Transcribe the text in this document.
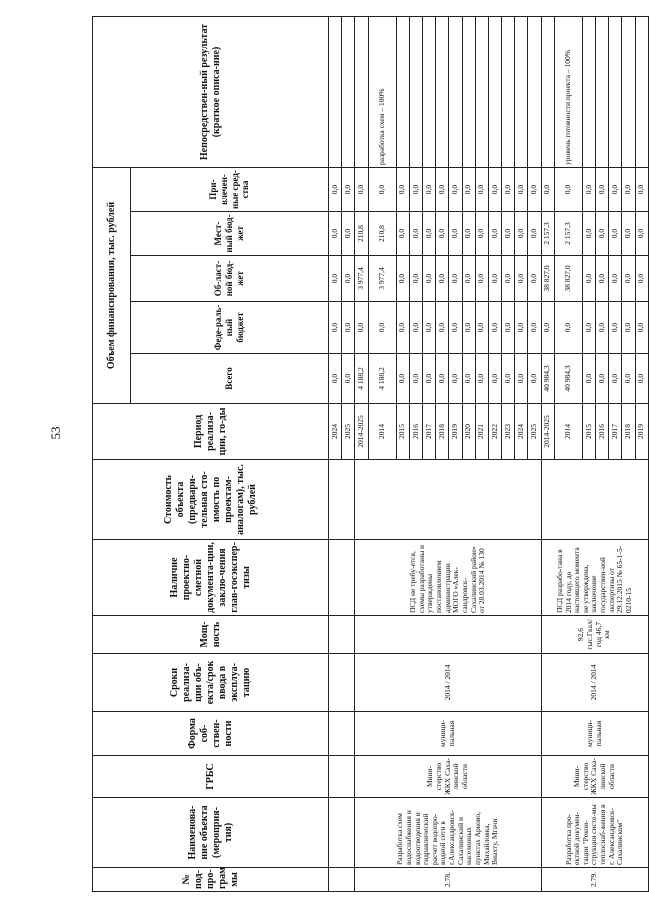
53
№ под-про-грам мы	Наименова-ние объекта (мероприя-тия)	ГРБС	Форма соб-ствен-ности	Сроки реализа-ции объ-екта/срок ввода в эксплуа-тацию	Мощ-ность	Наличие проектно-сметной документа-ции, заклю-чения глав-госэкспер-тизы	Стоимость объекта (предвари-тельная сто-имость по проектам-аналогам), тыс. рублей	Период реализа-ции, го-ды	Объем финансирования, тыс. рублей					Непосредствен-ный результат (краткое описа-ние)
									Всего	Феде-раль-ный бюджет	Об-ласт-ной бюд-жет	Мест-ный бюд-жет	При-влечен-ные сред-ства	
								2024	0,0	0,0	0,0	0,0	0,0	
								2025	0,0	0,0	0,0	0,0	0,0	
2.78.	Разработка схем водоснабжения и водоотведения и гидравлический расчет водопро-водной сети в г.Александровск-Сахалинский и населенных пунктах Арково, Михайловка, Виахту, Мгачи	Мини-стерство ЖКХ Саха-линской области	муници-пальная	2014 / 2014		ПСД не требу-ется, схемы разработаны и утверждены постановлением администрации МОГО «Алек-сандровск-Сахалинский район» от 28.03.2014 № 130		2014-2025	4 188,2	0,0	3 977,4	210,8	0,0	
								2014	4 188,2	0,0	3 977,4	210,8	0,0	разработка схем – 100%
								2015	0,0	0,0	0,0	0,0	0,0	
								2016	0,0	0,0	0,0	0,0	0,0	
								2017	0,0	0,0	0,0	0,0	0,0	
								2018	0,0	0,0	0,0	0,0	0,0	
								2019	0,0	0,0	0,0	0,0	0,0	
								2020	0,0	0,0	0,0	0,0	0,0	
								2021	0,0	0,0	0,0	0,0	0,0	
								2022	0,0	0,0	0,0	0,0	0,0	
								2023	0,0	0,0	0,0	0,0	0,0	
								2024	0,0	0,0	0,0	0,0	0,0	
								2025	0,0	0,0	0,0	0,0	0,0	
2.79.	Разработка про-ектной докумен-тации "Рекон-струкция систе-мы теплоснаб-жения в г. Александровск-Сахалинском"	Мини-стерство ЖКХ Саха-линской области	муници-пальная	2014 / 2014	92,6 тыс.Гкал/год 46,7 км	ПСД разрабо-тана в 2014 году, до настоящего момента не утверждена, заключение государствен-ной экспертизы от 29.12.2015 № 65-1-5-0210-15		2014-2025	40 984,3	0,0	38 827,0	2 157,3	0,0	
								2014	40 984,3	0,0	38 827,0	2 157,3	0,0	уровень готовности проекта – 100%
								2015	0,0	0,0	0,0	0,0	0,0	
								2016	0,0	0,0	0,0	0,0	0,0	
								2017	0,0	0,0	0,0	0,0	0,0	
								2018	0,0	0,0	0,0	0,0	0,0	
								2019	0,0	0,0	0,0	0,0	0,0	
